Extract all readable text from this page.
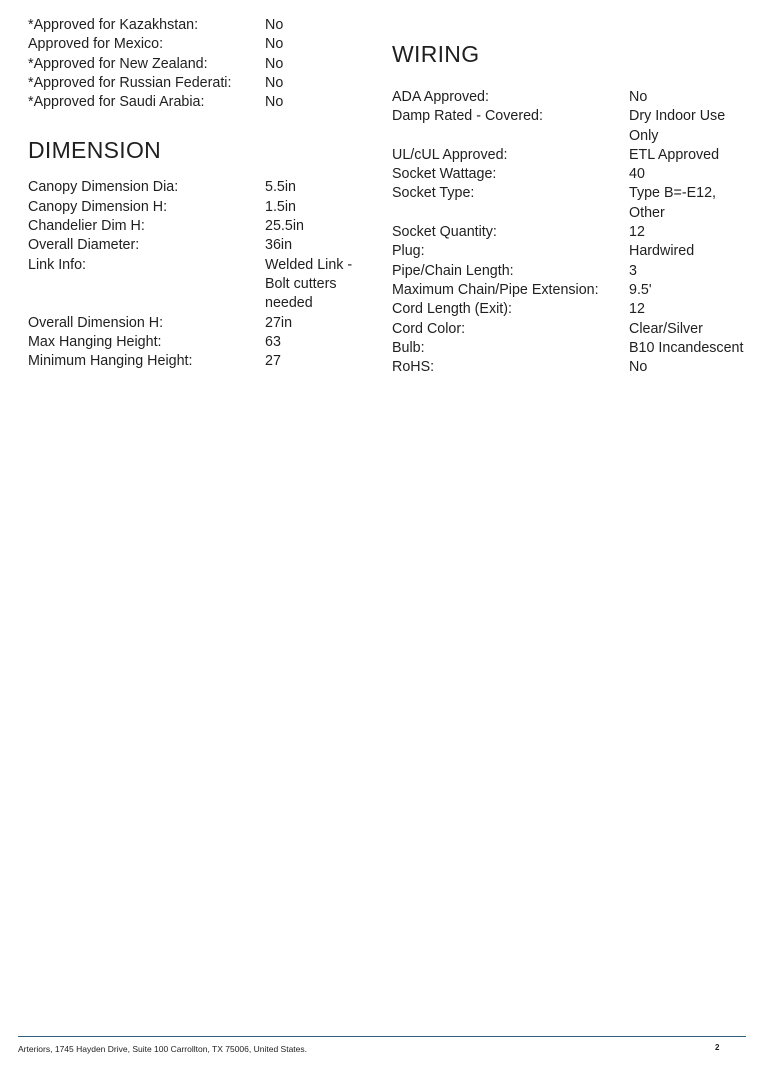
*Approved for Kazakhstan:	No
Approved for Mexico:	No
*Approved for New Zealand:	No
*Approved for Russian Federati:	No
*Approved for Saudi Arabia:	No
DIMENSION
Canopy Dimension Dia:	5.5in
Canopy Dimension H:	1.5in
Chandelier Dim H:	25.5in
Overall Diameter:	36in
Link Info:	Welded Link - Bolt cutters needed
Overall Dimension H:	27in
Max Hanging Height:	63
Minimum Hanging Height:	27
WIRING
ADA Approved:	No
Damp Rated - Covered:	Dry Indoor Use Only
UL/cUL Approved:	ETL Approved
Socket Wattage:	40
Socket Type:	Type B=-E12, Other
Socket Quantity:	12
Plug:	Hardwired
Pipe/Chain Length:	3
Maximum Chain/Pipe Extension:	9.5'
Cord Length (Exit):	12
Cord Color:	Clear/Silver
Bulb:	B10 Incandescent
RoHS:	No
Arteriors, 1745 Hayden Drive, Suite 100 Carrollton, TX 75006, United States.	2
